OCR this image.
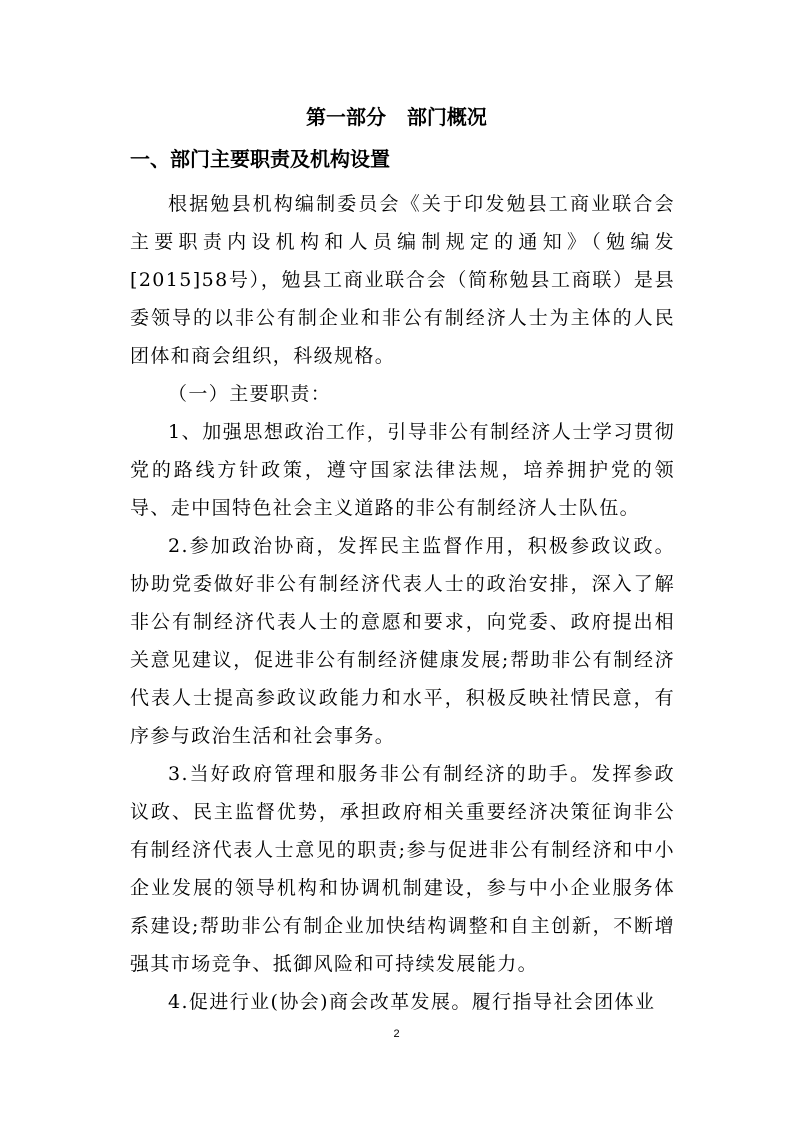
第一部分   部门概况
一、部门主要职责及机构设置

根据勉县机构编制委员会《关于印发勉县工商业联合会主要职责内设机构和人员编制规定的通知》（勉编发[2015]58号），勉县工商业联合会（简称勉县工商联）是县委领导的以非公有制企业和非公有制经济人士为主体的人民团体和商会组织，科级规格。

（一）主要职责：

1、加强思想政治工作，引导非公有制经济人士学习贯彻党的路线方针政策，遵守国家法律法规，培养拥护党的领导、走中国特色社会主义道路的非公有制经济人士队伍。

2.参加政治协商，发挥民主监督作用，积极参政议政。协助党委做好非公有制经济代表人士的政治安排，深入了解非公有制经济代表人士的意愿和要求，向党委、政府提出相关意见建议，促进非公有制经济健康发展;帮助非公有制经济代表人士提高参政议政能力和水平，积极反映社情民意，有序参与政治生活和社会事务。

3.当好政府管理和服务非公有制经济的助手。发挥参政议政、民主监督优势，承担政府相关重要经济决策征询非公有制经济代表人士意见的职责;参与促进非公有制经济和中小企业发展的领导机构和协调机制建设，参与中小企业服务体系建设;帮助非公有制企业加快结构调整和自主创新，不断增强其市场竞争、抵御风险和可持续发展能力。

4.促进行业(协会)商会改革发展。履行指导社会团体业

2
